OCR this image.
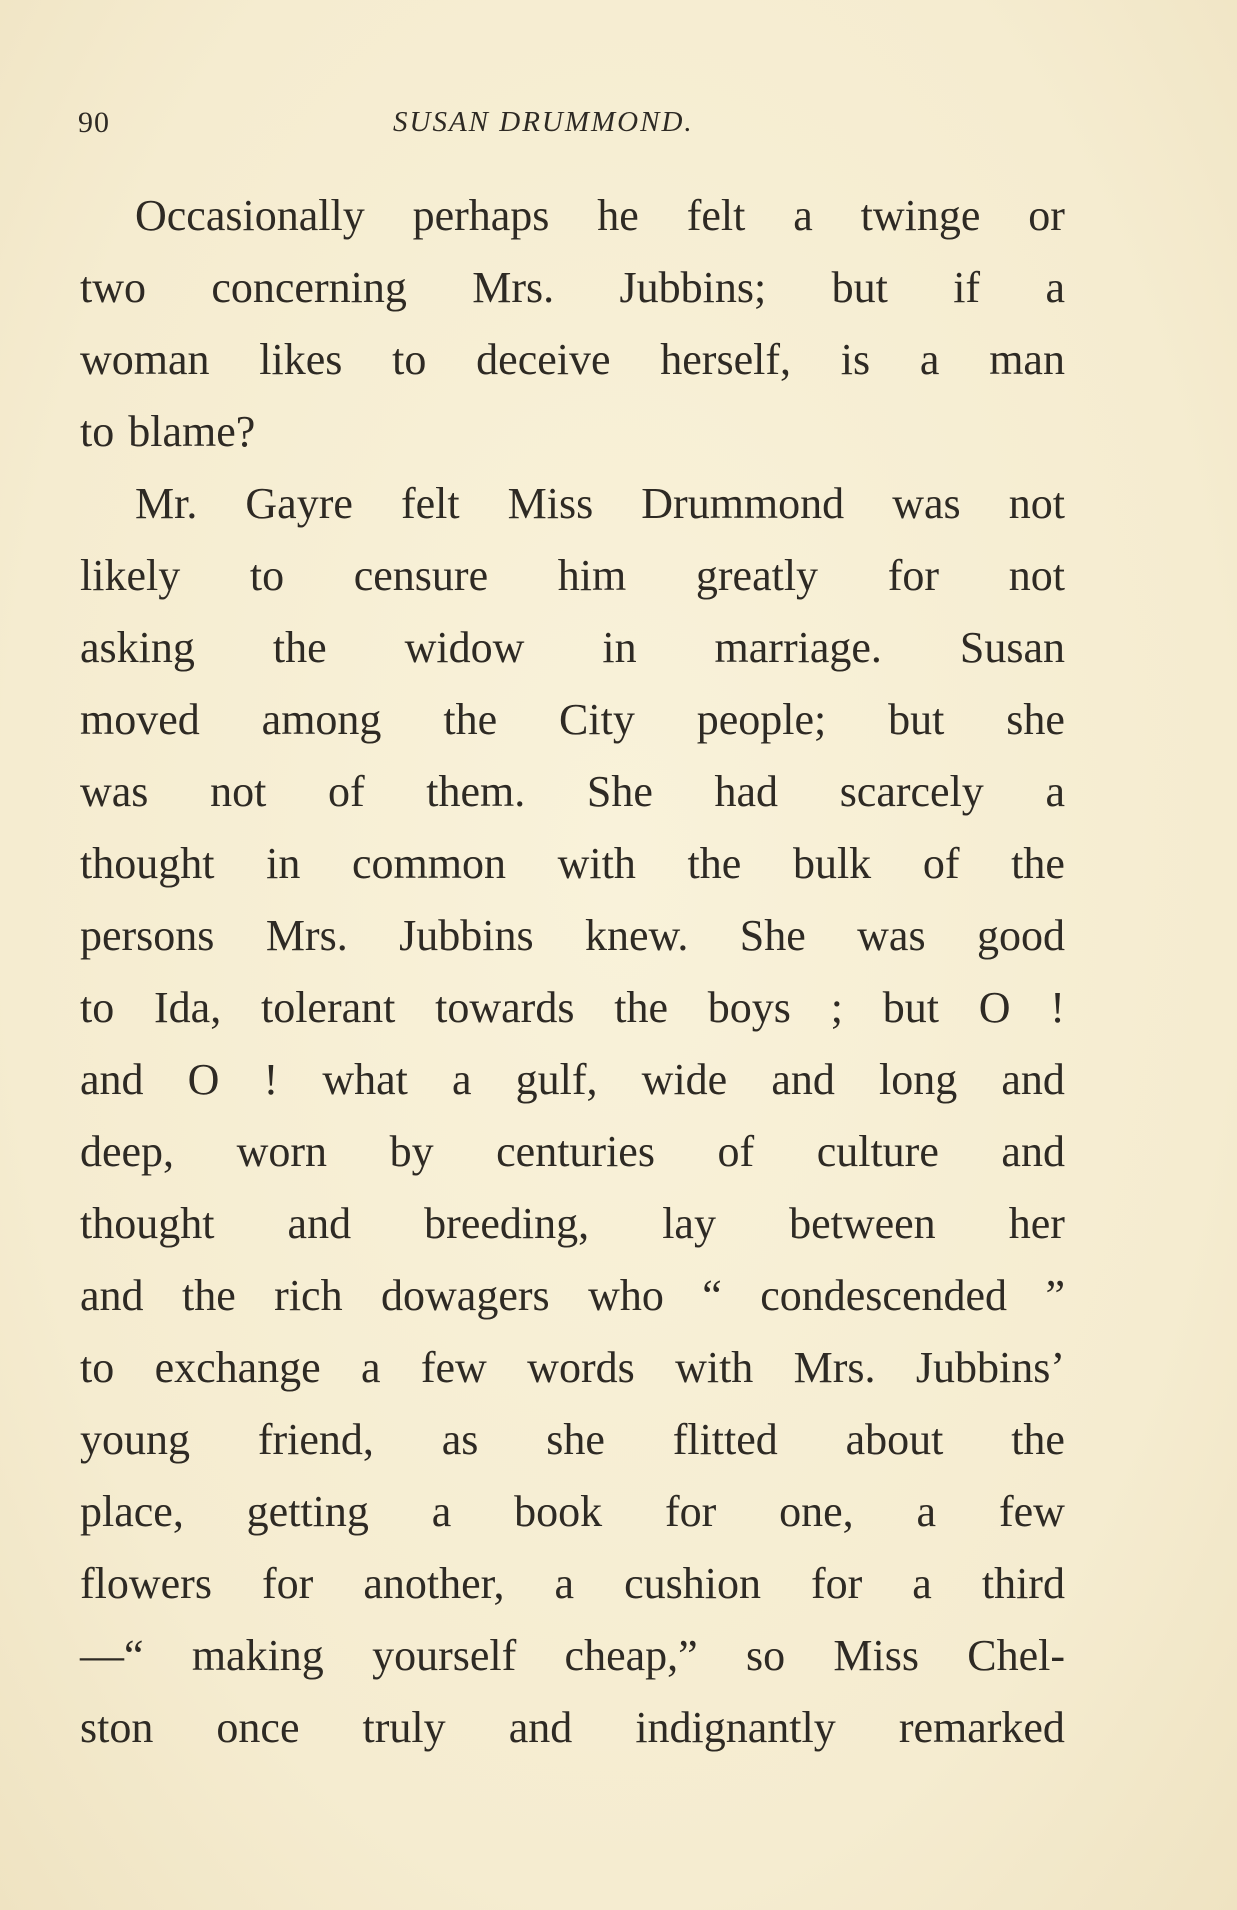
90	SUSAN DRUMMOND.
Occasionally perhaps he felt a twinge or
two concerning Mrs. Jubbins; but if a
woman likes to deceive herself, is a man
to blame?
Mr. Gayre felt Miss Drummond was not
likely to censure him greatly for not
asking the widow in marriage. Susan
moved among the City people; but she
was not of them. She had scarcely a
thought in common with the bulk of the
persons Mrs. Jubbins knew. She was good
to Ida, tolerant towards the boys ; but O !
and O ! what a gulf, wide and long and
deep, worn by centuries of culture and
thought and breeding, lay between her
and the rich dowagers who “ condescended ”
to exchange a few words with Mrs. Jubbins’
young friend, as she flitted about the
place, getting a book for one, a few
flowers for another, a cushion for a third
—“ making yourself cheap,” so Miss Chel-
ston once truly and indignantly remarked
